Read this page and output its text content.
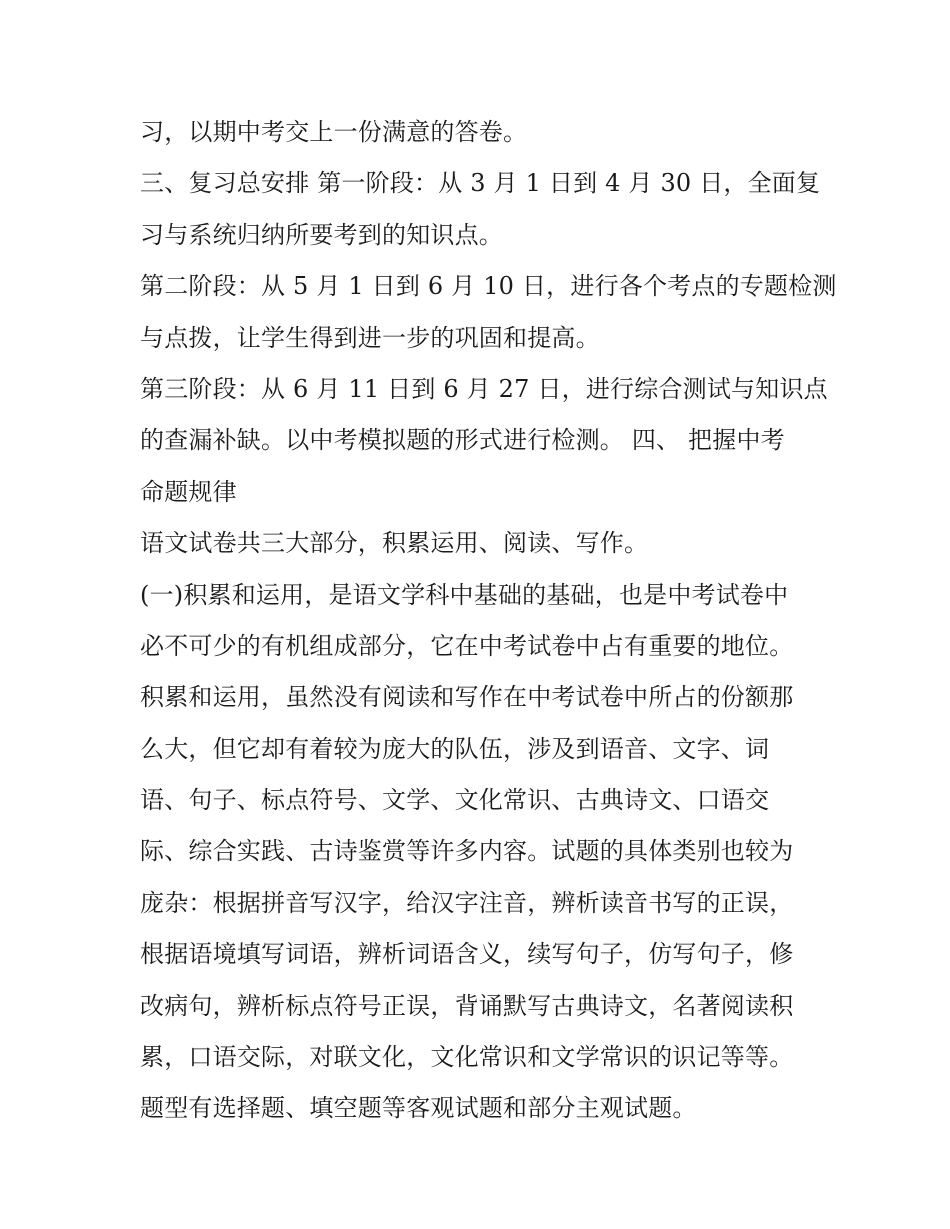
习，以期中考交上一份满意的答卷。
三、复习总安排 第一阶段：从 3 月 1 日到 4 月 30 日，全面复
习与系统归纳所要考到的知识点。
第二阶段：从 5 月 1 日到 6 月 10 日，进行各个考点的专题检测
与点拨，让学生得到进一步的巩固和提高。
第三阶段：从 6 月 11 日到 6 月 27 日，进行综合测试与知识点
的查漏补缺。以中考模拟题的形式进行检测。 四、 把握中考
命题规律
语文试卷共三大部分，积累运用、阅读、写作。
(一)积累和运用，是语文学科中基础的基础，也是中考试卷中
必不可少的有机组成部分，它在中考试卷中占有重要的地位。
积累和运用，虽然没有阅读和写作在中考试卷中所占的份额那
么大，但它却有着较为庞大的队伍，涉及到语音、文字、词
语、句子、标点符号、文学、文化常识、古典诗文、口语交
际、综合实践、古诗鉴赏等许多内容。试题的具体类别也较为
庞杂：根据拼音写汉字，给汉字注音，辨析读音书写的正误，
根据语境填写词语，辨析词语含义，续写句子，仿写句子，修
改病句，辨析标点符号正误，背诵默写古典诗文，名著阅读积
累，口语交际，对联文化，文化常识和文学常识的识记等等。
题型有选择题、填空题等客观试题和部分主观试题。
